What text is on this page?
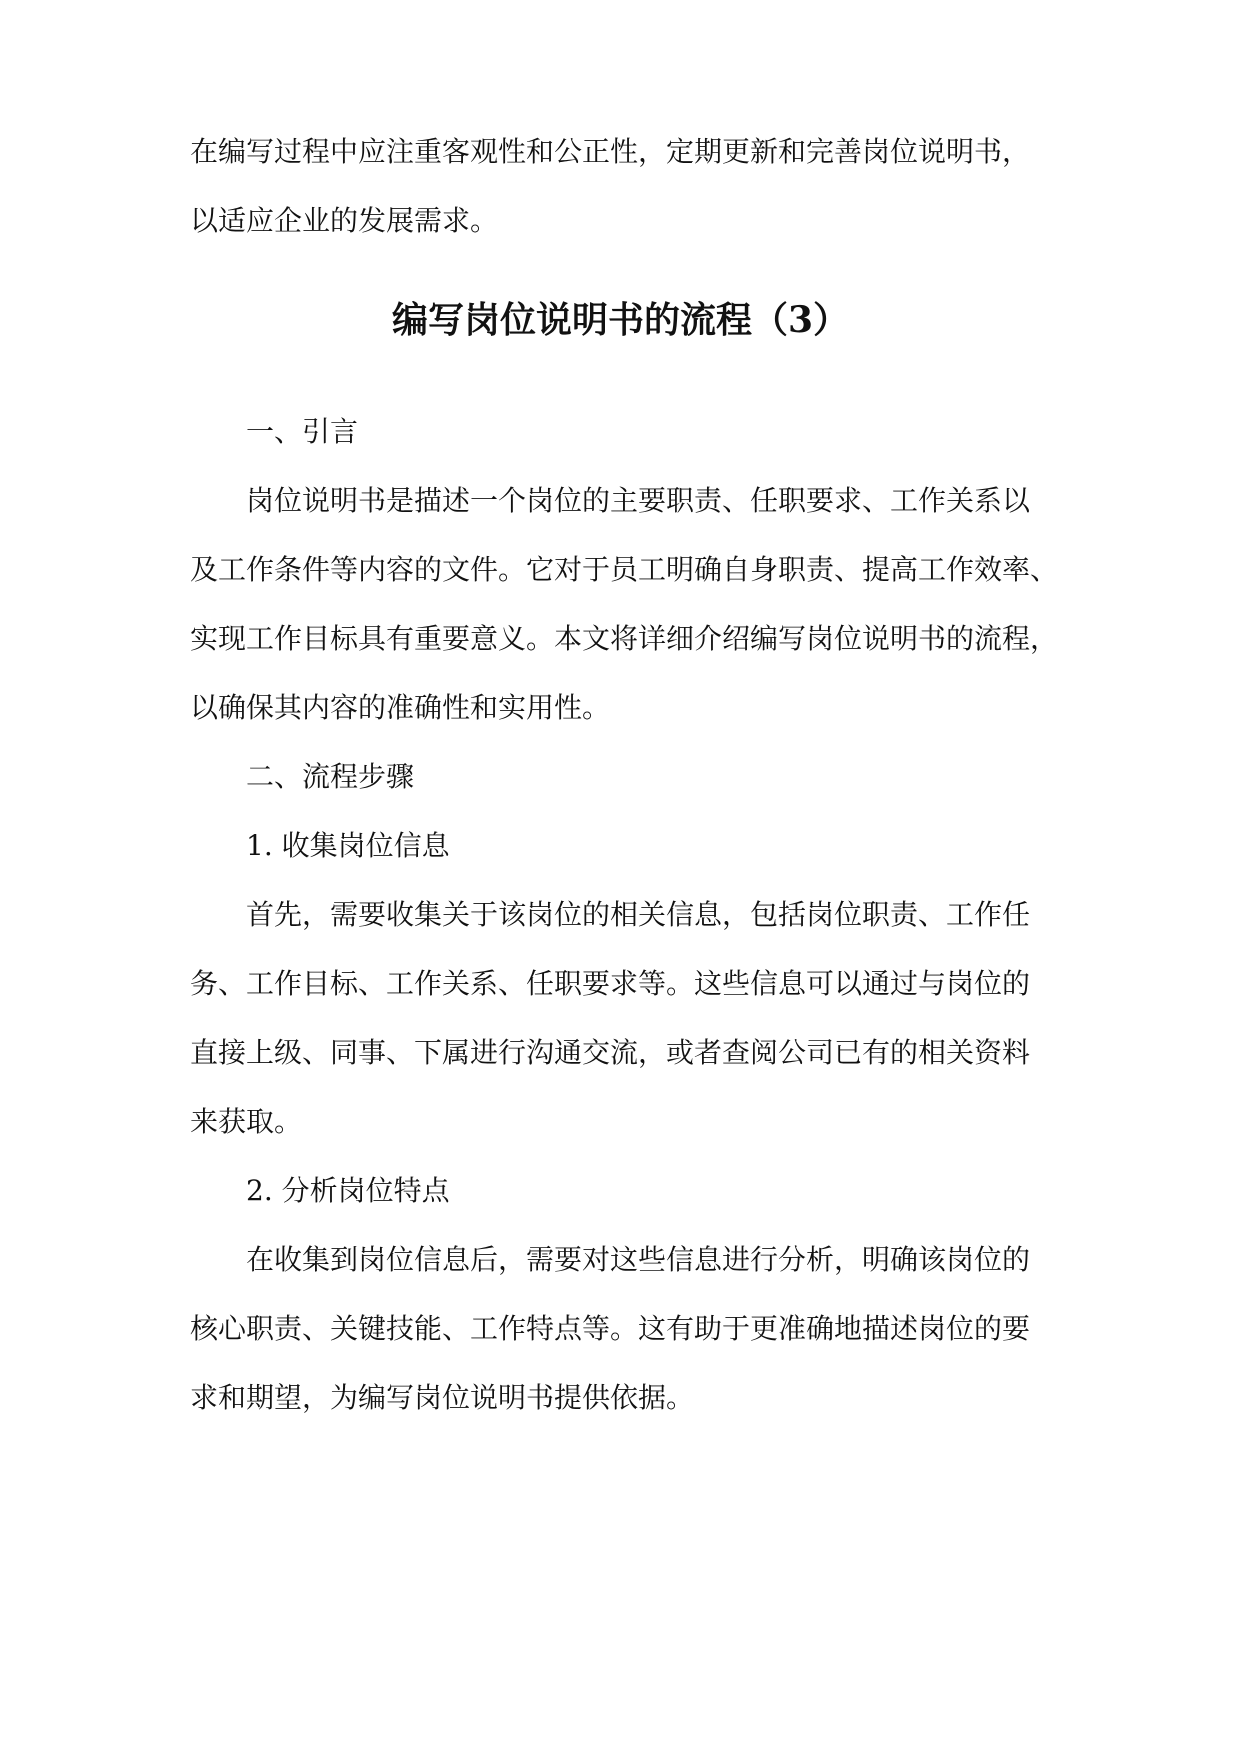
在编写过程中应注重客观性和公正性，定期更新和完善岗位说明书，
以适应企业的发展需求。
编写岗位说明书的流程（3）
一、引言
岗位说明书是描述一个岗位的主要职责、任职要求、工作关系以
及工作条件等内容的文件。它对于员工明确自身职责、提高工作效率、
实现工作目标具有重要意义。本文将详细介绍编写岗位说明书的流程，
以确保其内容的准确性和实用性。
二、流程步骤
1. 收集岗位信息
首先，需要收集关于该岗位的相关信息，包括岗位职责、工作任
务、工作目标、工作关系、任职要求等。这些信息可以通过与岗位的
直接上级、同事、下属进行沟通交流，或者查阅公司已有的相关资料
来获取。
2. 分析岗位特点
在收集到岗位信息后，需要对这些信息进行分析，明确该岗位的
核心职责、关键技能、工作特点等。这有助于更准确地描述岗位的要
求和期望，为编写岗位说明书提供依据。
